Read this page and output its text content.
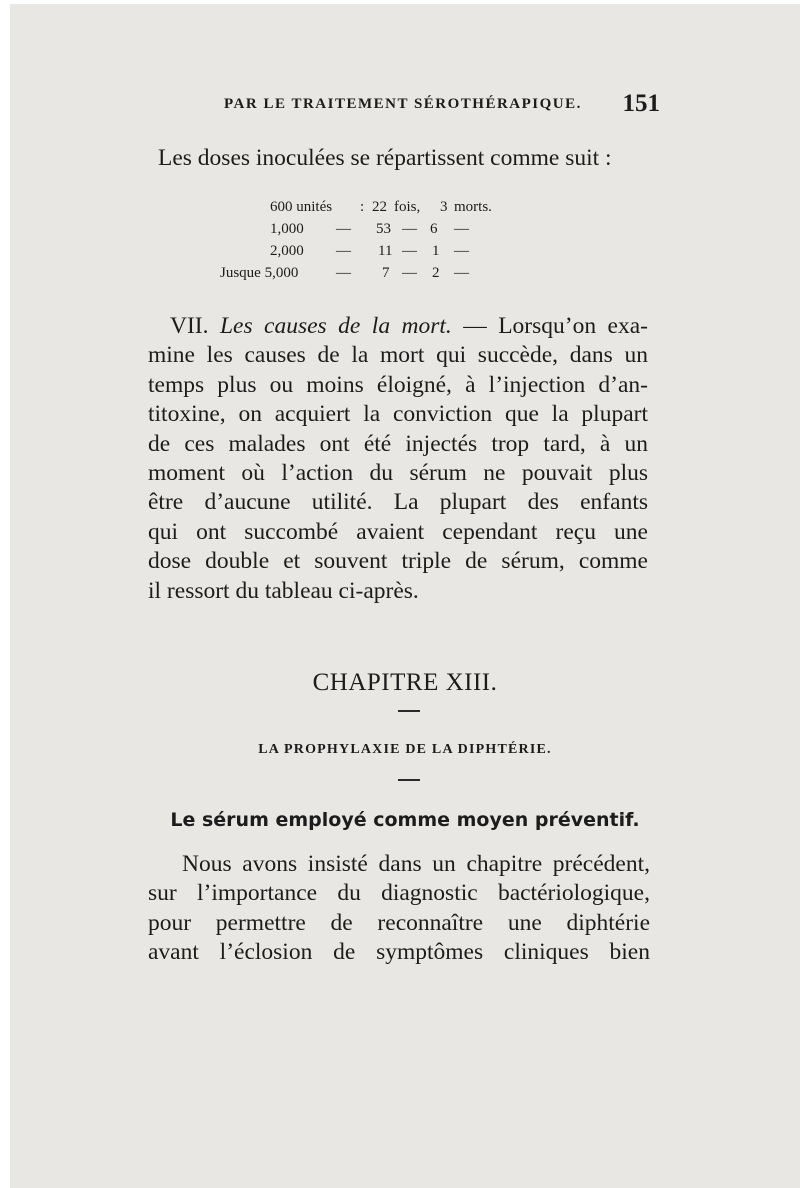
PAR LE TRAITEMENT SÉROTHÉRAPIQUE. 151
Les doses inoculées se répartissent comme suit :
600 unités : 22 fois, 3 morts.
1,000 — 53 — 6 —
2,000 — 11 — 1 —
Jusque 5,000	— 7 — 2 —
VII. Les causes de la mort. — Lorsqu’on exa-
mine les causes de la mort qui succède, dans un
temps plus ou moins éloigné, à l’injection d’an-
titoxine, on acquiert la conviction que la plupart
de ces malades ont été injectés trop tard, à un
moment où l’action du sérum ne pouvait plus
être d’aucune utilité. La plupart des enfants
qui ont succombé avaient cependant reçu une
dose double et souvent triple de sérum, comme
il ressort du tableau ci-après.
CHAPITRE XIII.
LA PROPHYLAXIE DE LA DIPHTÉRIE.
Le sérum employé comme moyen préventif.
Nous avons insisté dans un chapitre précédent,
sur l’importance du diagnostic bactériologique,
pour permettre de reconnaître une diphtérie
avant l’éclosion de symptômes cliniques bien
